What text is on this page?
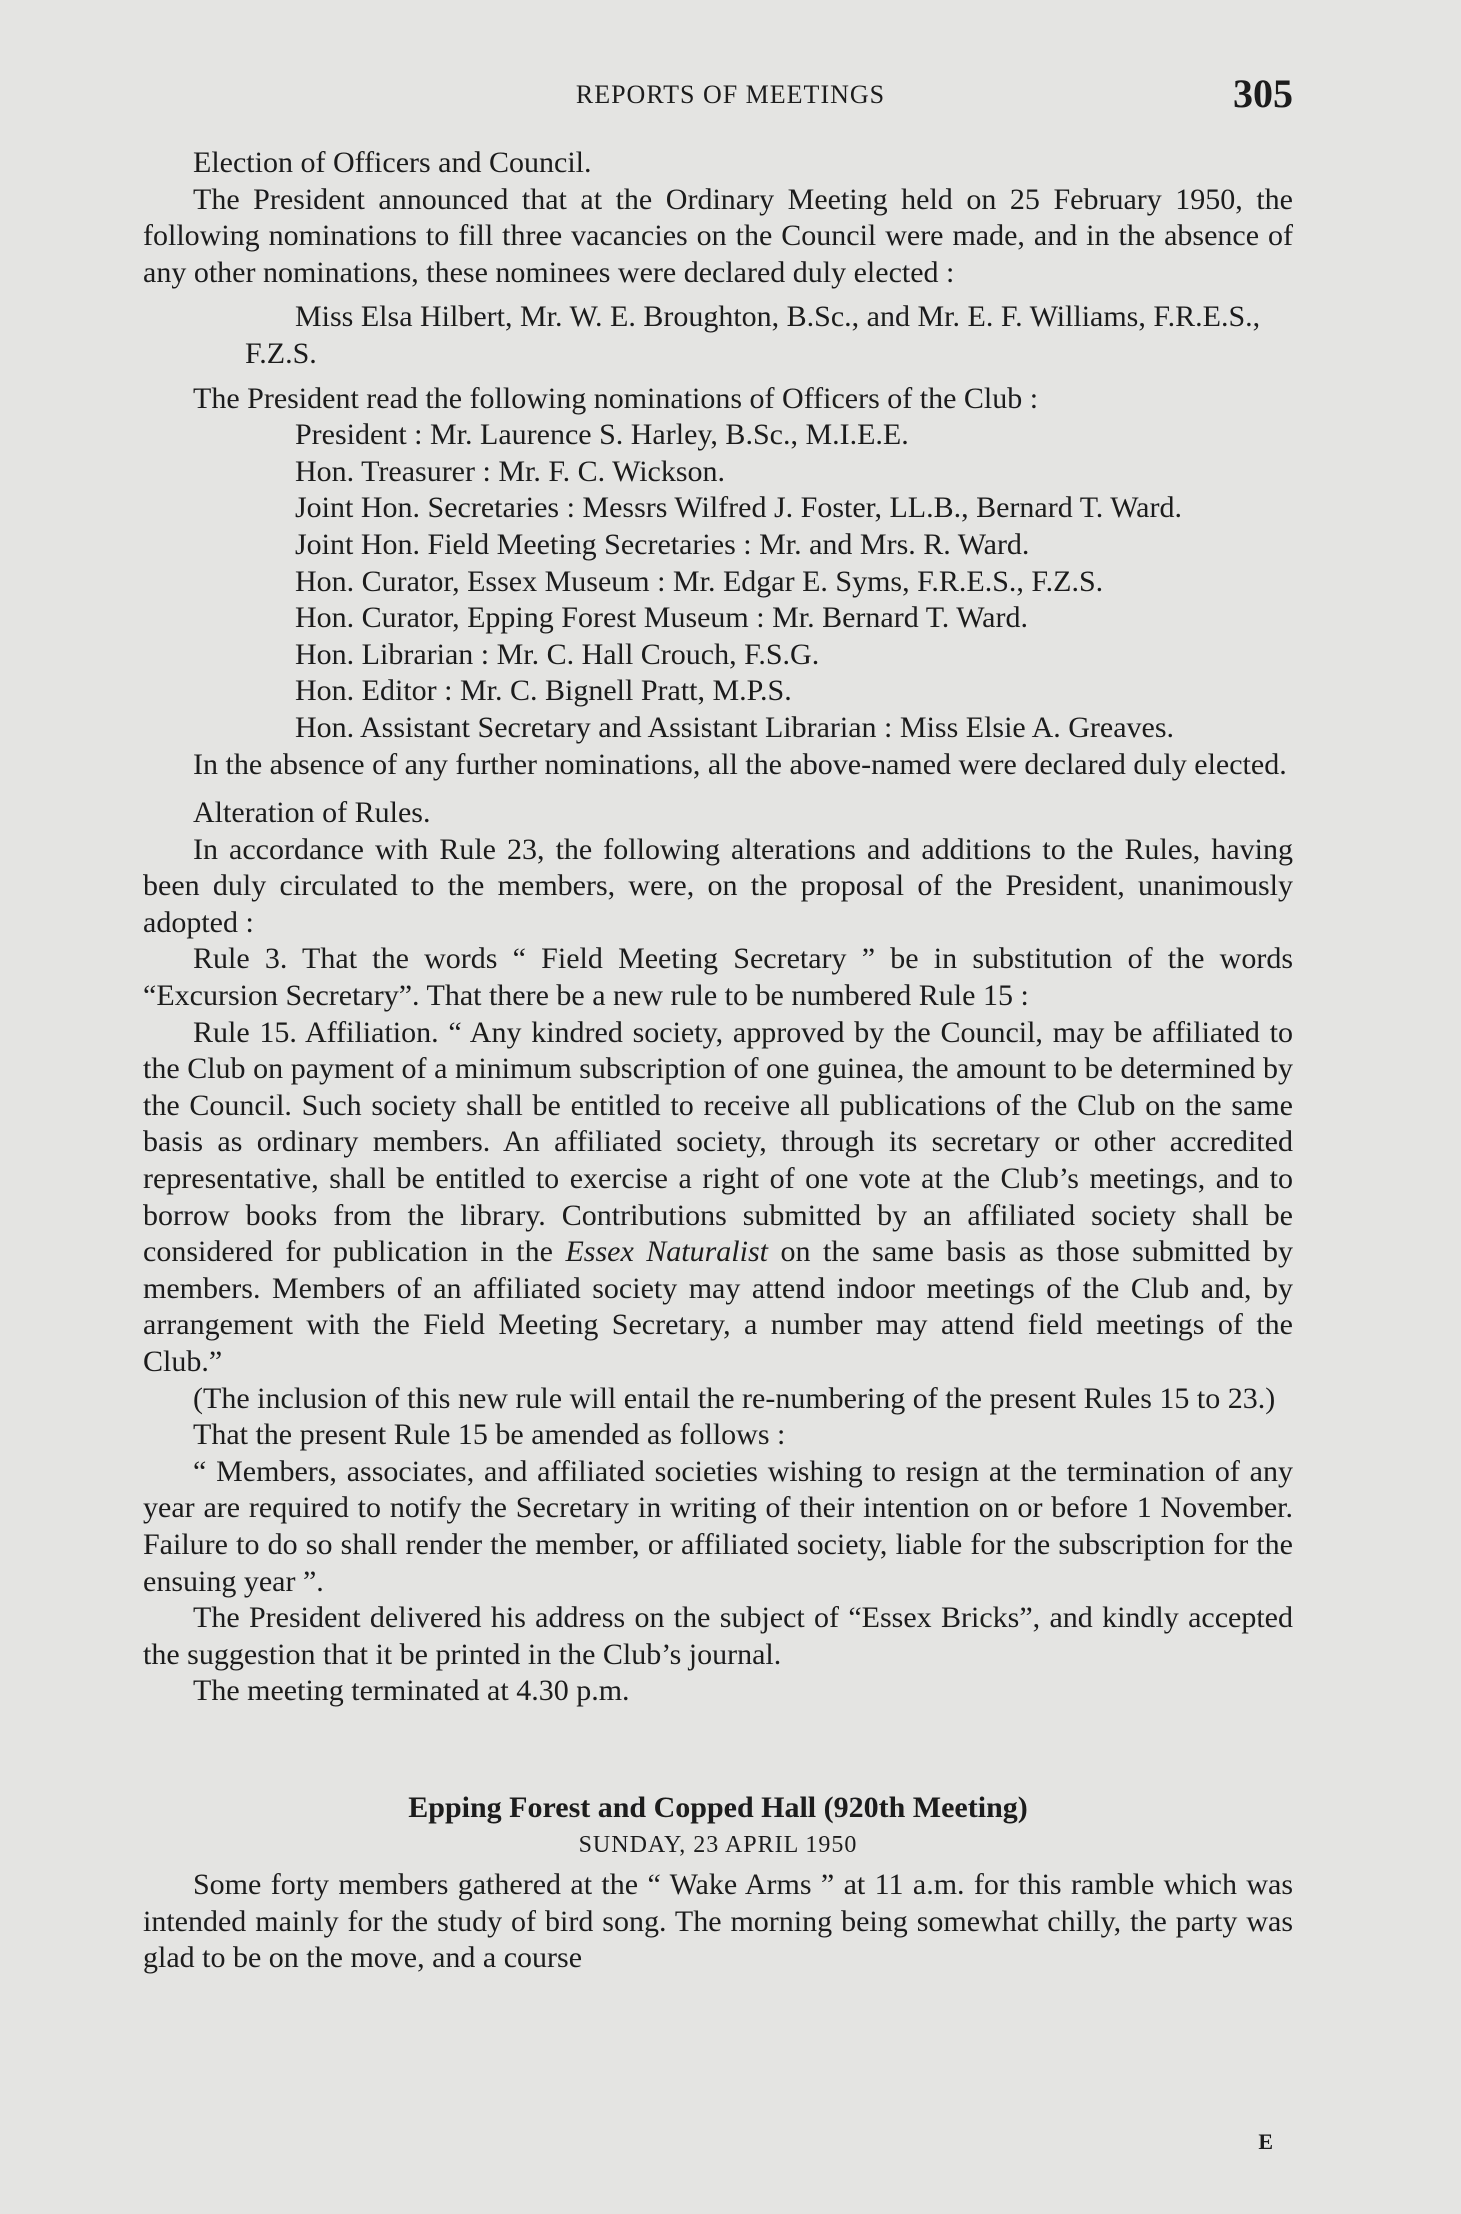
REPORTS OF MEETINGS	305

Election of Officers and Council.

The President announced that at the Ordinary Meeting held on 25 February 1950, the following nominations to fill three vacancies on the Council were made, and in the absence of any other nominations, these nominees were declared duly elected :

Miss Elsa Hilbert, Mr. W. E. Broughton, B.Sc., and Mr. E. F. Williams, F.R.E.S., F.Z.S.

The President read the following nominations of Officers of the Club :

President : Mr. Laurence S. Harley, B.Sc., M.I.E.E.

Hon. Treasurer : Mr. F. C. Wickson.

Joint Hon. Secretaries : Messrs Wilfred J. Foster, LL.B., Bernard T. Ward.

Joint Hon. Field Meeting Secretaries : Mr. and Mrs. R. Ward.

Hon. Curator, Essex Museum : Mr. Edgar E. Syms, F.R.E.S., F.Z.S.

Hon. Curator, Epping Forest Museum : Mr. Bernard T. Ward.

Hon. Librarian : Mr. C. Hall Crouch, F.S.G.

Hon. Editor : Mr. C. Bignell Pratt, M.P.S.

Hon. Assistant Secretary and Assistant Librarian : Miss Elsie A. Greaves.

In the absence of any further nominations, all the above-named were declared duly elected.

Alteration of Rules.

In accordance with Rule 23, the following alterations and additions to the Rules, having been duly circulated to the members, were, on the proposal of the President, unanimously adopted :

Rule 3. That the words “ Field Meeting Secretary ” be in substitution of the words “Excursion Secretary”. That there be a new rule to be numbered Rule 15 :

Rule 15. Affiliation. “ Any kindred society, approved by the Council, may be affiliated to the Club on payment of a minimum subscription of one guinea, the amount to be determined by the Council. Such society shall be entitled to receive all publications of the Club on the same basis as ordinary members. An affiliated society, through its secretary or other accredited representative, shall be entitled to exercise a right of one vote at the Club’s meetings, and to borrow books from the library. Contributions submitted by an affiliated society shall be considered for publication in the Essex Naturalist on the same basis as those submitted by members. Members of an affiliated society may attend indoor meetings of the Club and, by arrangement with the Field Meeting Secretary, a number may attend field meetings of the Club.”

(The inclusion of this new rule will entail the re-numbering of the present Rules 15 to 23.)

That the present Rule 15 be amended as follows :

“ Members, associates, and affiliated societies wishing to resign at the termination of any year are required to notify the Secretary in writing of their intention on or before 1 November. Failure to do so shall render the member, or affiliated society, liable for the subscription for the ensuing year ”.

The President delivered his address on the subject of “Essex Bricks”, and kindly accepted the suggestion that it be printed in the Club’s journal.

The meeting terminated at 4.30 p.m.

Epping Forest and Copped Hall (920th Meeting)

SUNDAY, 23 APRIL 1950

Some forty members gathered at the “ Wake Arms ” at 11 a.m. for this ramble which was intended mainly for the study of bird song. The morning being somewhat chilly, the party was glad to be on the move, and a course

E
